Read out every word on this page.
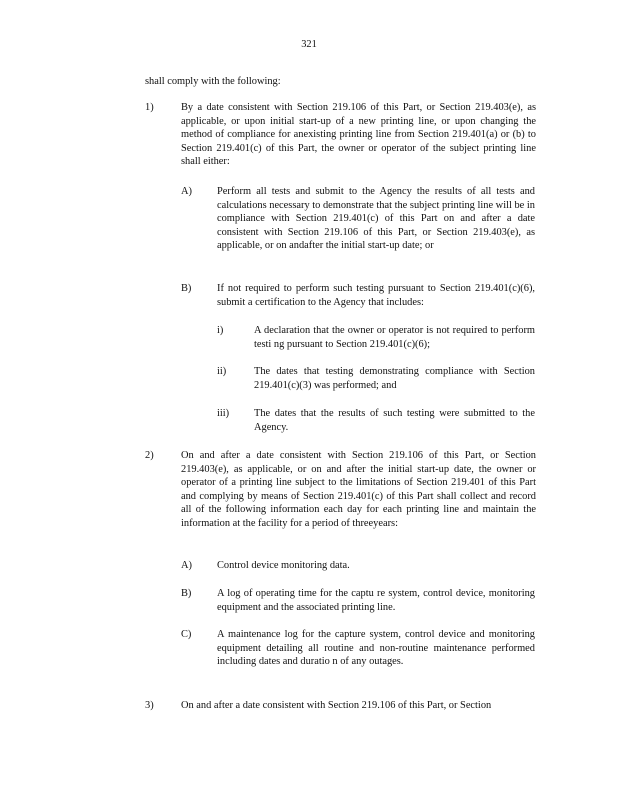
321
shall comply with the following:
1)	By a date consistent with Section 219.106 of this Part, or Section 219.403(e), as applicable, or upon initial start-up of a new printing line, or upon changing the method of compliance for anexisting printing line from Section 219.401(a) or (b) to Section 219.401(c) of this Part, the owner or operator of the subject printing line shall either:
A) Perform all tests and submit to the Agency the results of all tests and calculations necessary to demonstrate that the subject printing line will be in compliance with Section 219.401(c) of this Part on and after a date consistent with Section 219.106 of this Part, or Section 219.403(e), as applicable, or on andafter the initial start-up date; or
B) If not required to perform such testing pursuant to Section 219.401(c)(6), submit a certification to the Agency that includes:
i)	A declaration that the owner or operator is not required to perform testi ng pursuant to Section 219.401(c)(6);
ii)	The dates that testing demonstrating compliance with Section 219.401(c)(3) was performed; and
iii) The dates that the results of such testing were submitted to the Agency.
2)	On and after a date consistent with Section 219.106 of this Part, or Section 219.403(e), as applicable, or on and after the initial start-up date, the owner or operator of a printing line subject to the limitations of Section 219.401 of this Part and complying by means of Section 219.401(c) of this Part shall collect and record all of the following information each day for each printing line and maintain the information at the facility for a period of threeyears:
A) Control device monitoring data.
B) A log of operating time for the captu re system, control device, monitoring equipment and the associated printing line.
C) A maintenance log for the capture system, control device and monitoring equipment detailing all routine and non-routine maintenance performed including dates and duratio n of any outages.
3)	On and after a date consistent with Section 219.106 of this Part, or Section
